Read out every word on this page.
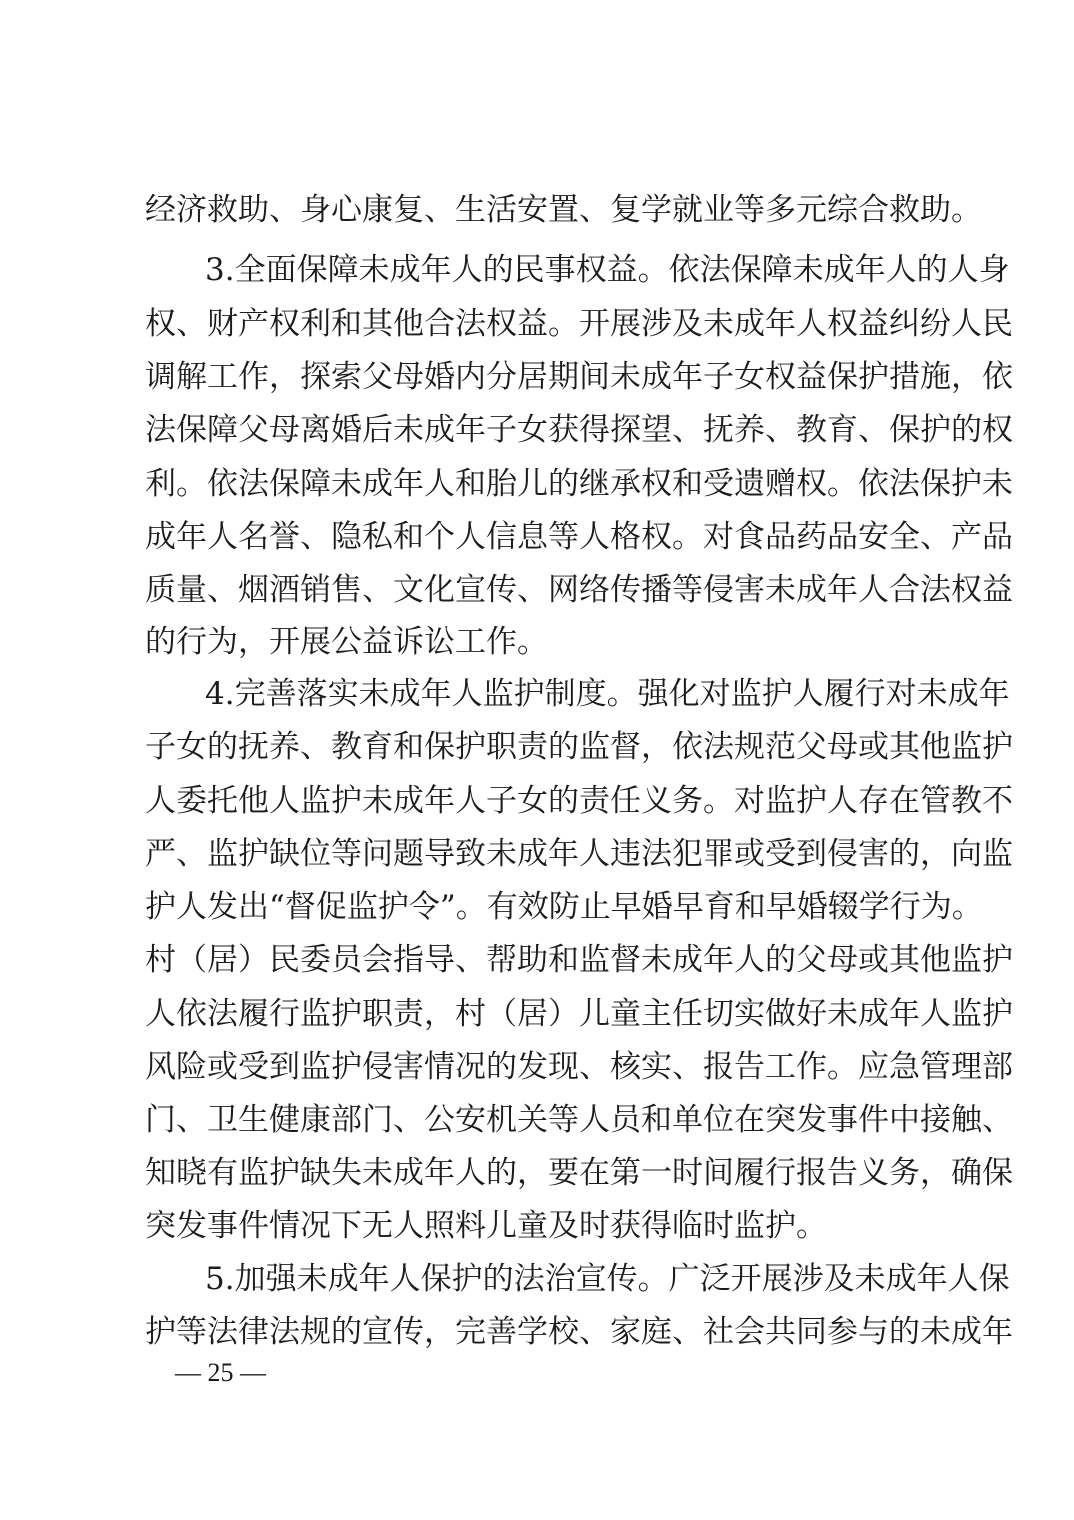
经济救助、身心康复、生活安置、复学就业等多元综合救助。
3.全面保障未成年人的民事权益。依法保障未成年人的人身
权、财产权利和其他合法权益。开展涉及未成年人权益纠纷人民
调解工作，探索父母婚内分居期间未成年子女权益保护措施，依
法保障父母离婚后未成年子女获得探望、抚养、教育、保护的权
利。依法保障未成年人和胎儿的继承权和受遗赠权。依法保护未
成年人名誉、隐私和个人信息等人格权。对食品药品安全、产品
质量、烟酒销售、文化宣传、网络传播等侵害未成年人合法权益
的行为，开展公益诉讼工作。
4.完善落实未成年人监护制度。强化对监护人履行对未成年
子女的抚养、教育和保护职责的监督，依法规范父母或其他监护
人委托他人监护未成年人子女的责任义务。对监护人存在管教不
严、监护缺位等问题导致未成年人违法犯罪或受到侵害的，向监
护人发出“督促监护令”。有效防止早婚早育和早婚辍学行为。
村（居）民委员会指导、帮助和监督未成年人的父母或其他监护
人依法履行监护职责，村（居）儿童主任切实做好未成年人监护
风险或受到监护侵害情况的发现、核实、报告工作。应急管理部
门、卫生健康部门、公安机关等人员和单位在突发事件中接触、
知晓有监护缺失未成年人的，要在第一时间履行报告义务，确保
突发事件情况下无人照料儿童及时获得临时监护。
5.加强未成年人保护的法治宣传。广泛开展涉及未成年人保
护等法律法规的宣传，完善学校、家庭、社会共同参与的未成年
— 25 —
